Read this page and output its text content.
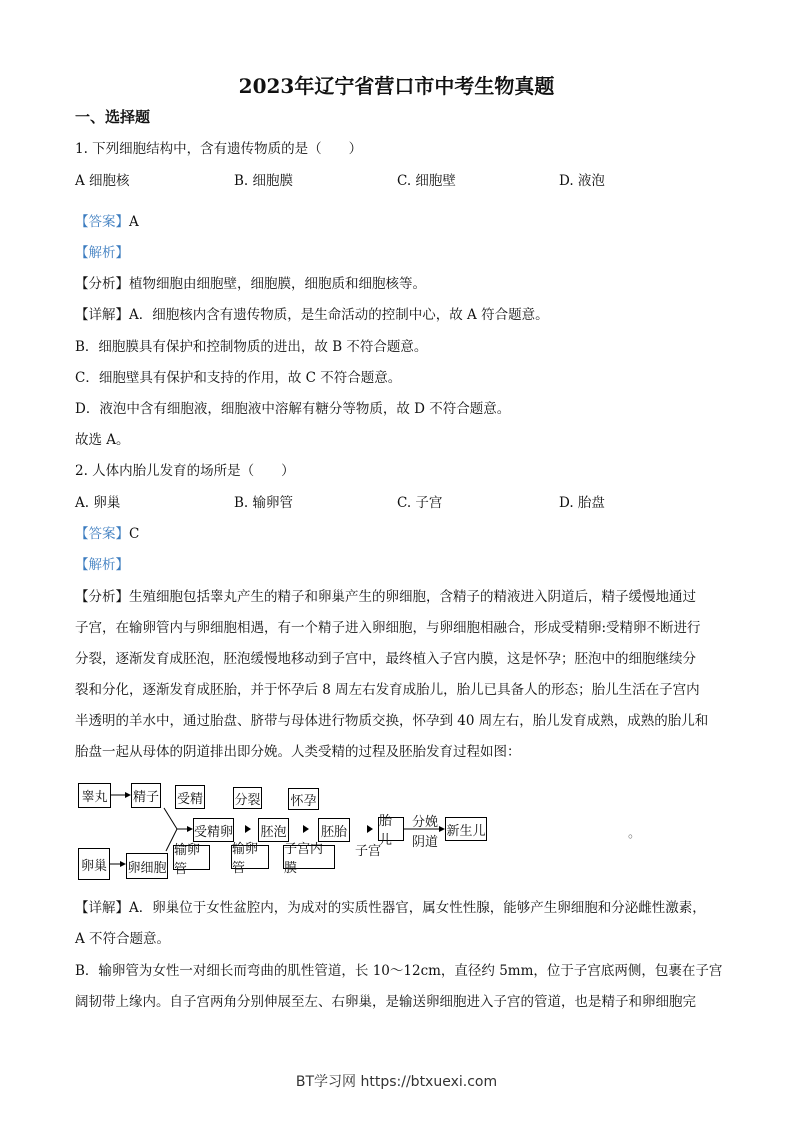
2023年辽宁省营口市中考生物真题
一、选择题
1. 下列细胞结构中，含有遗传物质的是（　　）
A 细胞核	B. 细胞膜	C. 细胞壁	D. 液泡
【答案】A
【解析】
【分析】植物细胞由细胞壁，细胞膜，细胞质和细胞核等。
【详解】A．细胞核内含有遗传物质，是生命活动的控制中心，故 A 符合题意。
B．细胞膜具有保护和控制物质的进出，故 B 不符合题意。
C．细胞壁具有保护和支持的作用，故 C 不符合题意。
D．液泡中含有细胞液，细胞液中溶解有糖分等物质，故 D 不符合题意。
故选 A。
2. 人体内胎儿发育的场所是（　　）
A. 卵巢	B. 输卵管	C. 子宫	D. 胎盘
【答案】C
【解析】
【分析】生殖细胞包括睾丸产生的精子和卵巢产生的卵细胞，含精子的精液进入阴道后，精子缓慢地通过
子宫，在输卵管内与卵细胞相遇，有一个精子进入卵细胞，与卵细胞相融合，形成受精卵:受精卵不断进行
分裂，逐渐发育成胚泡，胚泡缓慢地移动到子宫中，最终植入子宫内膜，这是怀孕；胚泡中的细胞继续分
裂和分化，逐渐发育成胚胎，并于怀孕后 8 周左右发育成胎儿，胎儿已具备人的形态；胎儿生活在子宫内
半透明的羊水中，通过胎盘、脐带与母体进行物质交换，怀孕到 40 周左右，胎儿发育成熟，成熟的胎儿和
胎盘一起从母体的阴道排出即分娩。人类受精的过程及胚胎发育过程如图：
睾丸 精子 受精 分裂 怀孕
受精卵 胚泡	胚胎
胎儿
新生儿
输卵管
输卵管
子宫内膜
卵巢 卵细胞
子宫
分娩
阴道
。
【详解】A．卵巢位于女性盆腔内，为成对的实质性器官，属女性性腺，能够产生卵细胞和分泌雌性激素，
A 不符合题意。
B．输卵管为女性一对细长而弯曲的肌性管道，长 10～12cm，直径约 5mm，位于子宫底两侧，包裹在子宫
阔韧带上缘内。自子宫两角分别伸展至左、右卵巢，是输送卵细胞进入子宫的管道，也是精子和卵细胞完
BT学习网 https://btxuexi.com
